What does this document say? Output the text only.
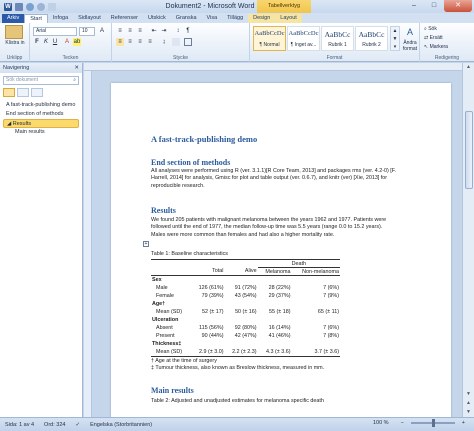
W	Dokument2 - Microsoft Word	Tabellverktyg	–	□	✕
Arkiv	Start	Infoga	Sidlayout	Referenser	Utskick	Granska	Visa	Tillägg	Design	Layout
Klistra in
Urklipp
Arial	10	A
F K U	A ab
Tecken
≡	≡	≡	⇤ ⇥	↕	¶
≡	≡	≡	≡	↨
Stycke
AaBbCcDc
¶ Normal
AaBbCcDc
¶ Inget av...
AaBbCc
Rubrik 1
AaBbCc
Rubrik 2
▲
▼
▾
A
Ändra format
Format
⌕ Sök
⇄ Ersätt
↖ Markera
Redigering
Navigering	✕
Sök dokument	⌕
A fast-track-publishing demo
End section of methods
◢ Results
Main results
A fast-track-publishing demo
End section of methods
All analyses were performed using R (ver. 3.1.1)[R Core Team, 2013] and packages rms (ver. 4.2-0) [F. Harrell, 2014] for analysis, Gmisc for plot and table output (ver. 0.6.7), and knitr (ver) [Xie, 2013] for reproducible research.
Results
We found 205 patients with malignant melanoma between the years 1962 and 1977. Patients were followed until the end of 1977, the median follow-up time was 5.5 years (range 0.0 to 15.2 years). Males were more common than females and had also a higher mortality rate.
Table 1: Baseline characteristics
+
			Death	
	Total	Alive	Melanoma	Non-melanoma
Sex				
Male	126 (61%)	91 (72%)	28 (22%)	7 (6%)
Female	79 (39%)	43 (54%)	29 (37%)	7 (9%)
Age†				
Mean (SD)	52 (± 17)	50 (± 16)	55 (± 18)	65 (± 11)
Ulceration				
Absent	115 (56%)	92 (80%)	16 (14%)	7 (6%)
Present	90 (44%)	42 (47%)	41 (46%)	7 (8%)
Thickness‡				
Mean (SD)	2.9 (± 3.0)	2.2 (± 2.3)	4.3 (± 3.6)	3.7 (± 3.6)
† Age at the time of surgery
‡ Tumour thickness, also known as Breslow thickness, measured in mm.
Main results
Table 2: Adjusted and unadjusted estimates for melanoma specific death
▲
▼
▲
▼
Sida: 1 av 4	Ord: 324	✓	Engelska (Storbritannien)	100 %	−	+
